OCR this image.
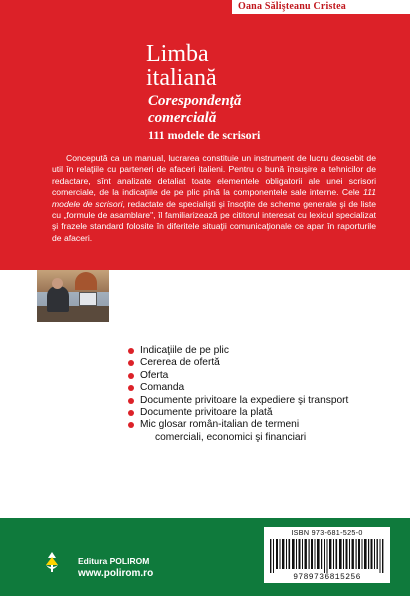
Oana Sălişteanu Cristea
Limba
italiană
Corespondenţă
comercială
111 modele de scrisori

Concepută ca un manual, lucrarea constituie un instrument de lucru deosebit de util în relaţiile cu parteneri de afaceri italieni. Pentru o bună însuşire a tehnicilor de redactare, sînt analizate detaliat toate elementele obligatorii ale unei scrisori comerciale, de la indicaţiile de pe plic pînă la componentele sale interne. Cele 111 modele de scrisori, redactate de specialişti şi însoţite de scheme generale şi de liste cu „formule de asamblare", îl familiarizează pe cititorul interesat cu lexicul specializat şi frazele standard folosite în diferitele situaţii comunicaţionale ce apar în raporturile de afaceri.

Indicaţiile de pe plic
Cererea de ofertă
Oferta
Comanda
Documente privitoare la expediere şi transport
Documente privitoare la plată
Mic glosar român-italian de termeni
comerciali, economici şi financiari
Editura POLIROM
www.polirom.ro
ISBN 973-681-525-0
9789736815256
